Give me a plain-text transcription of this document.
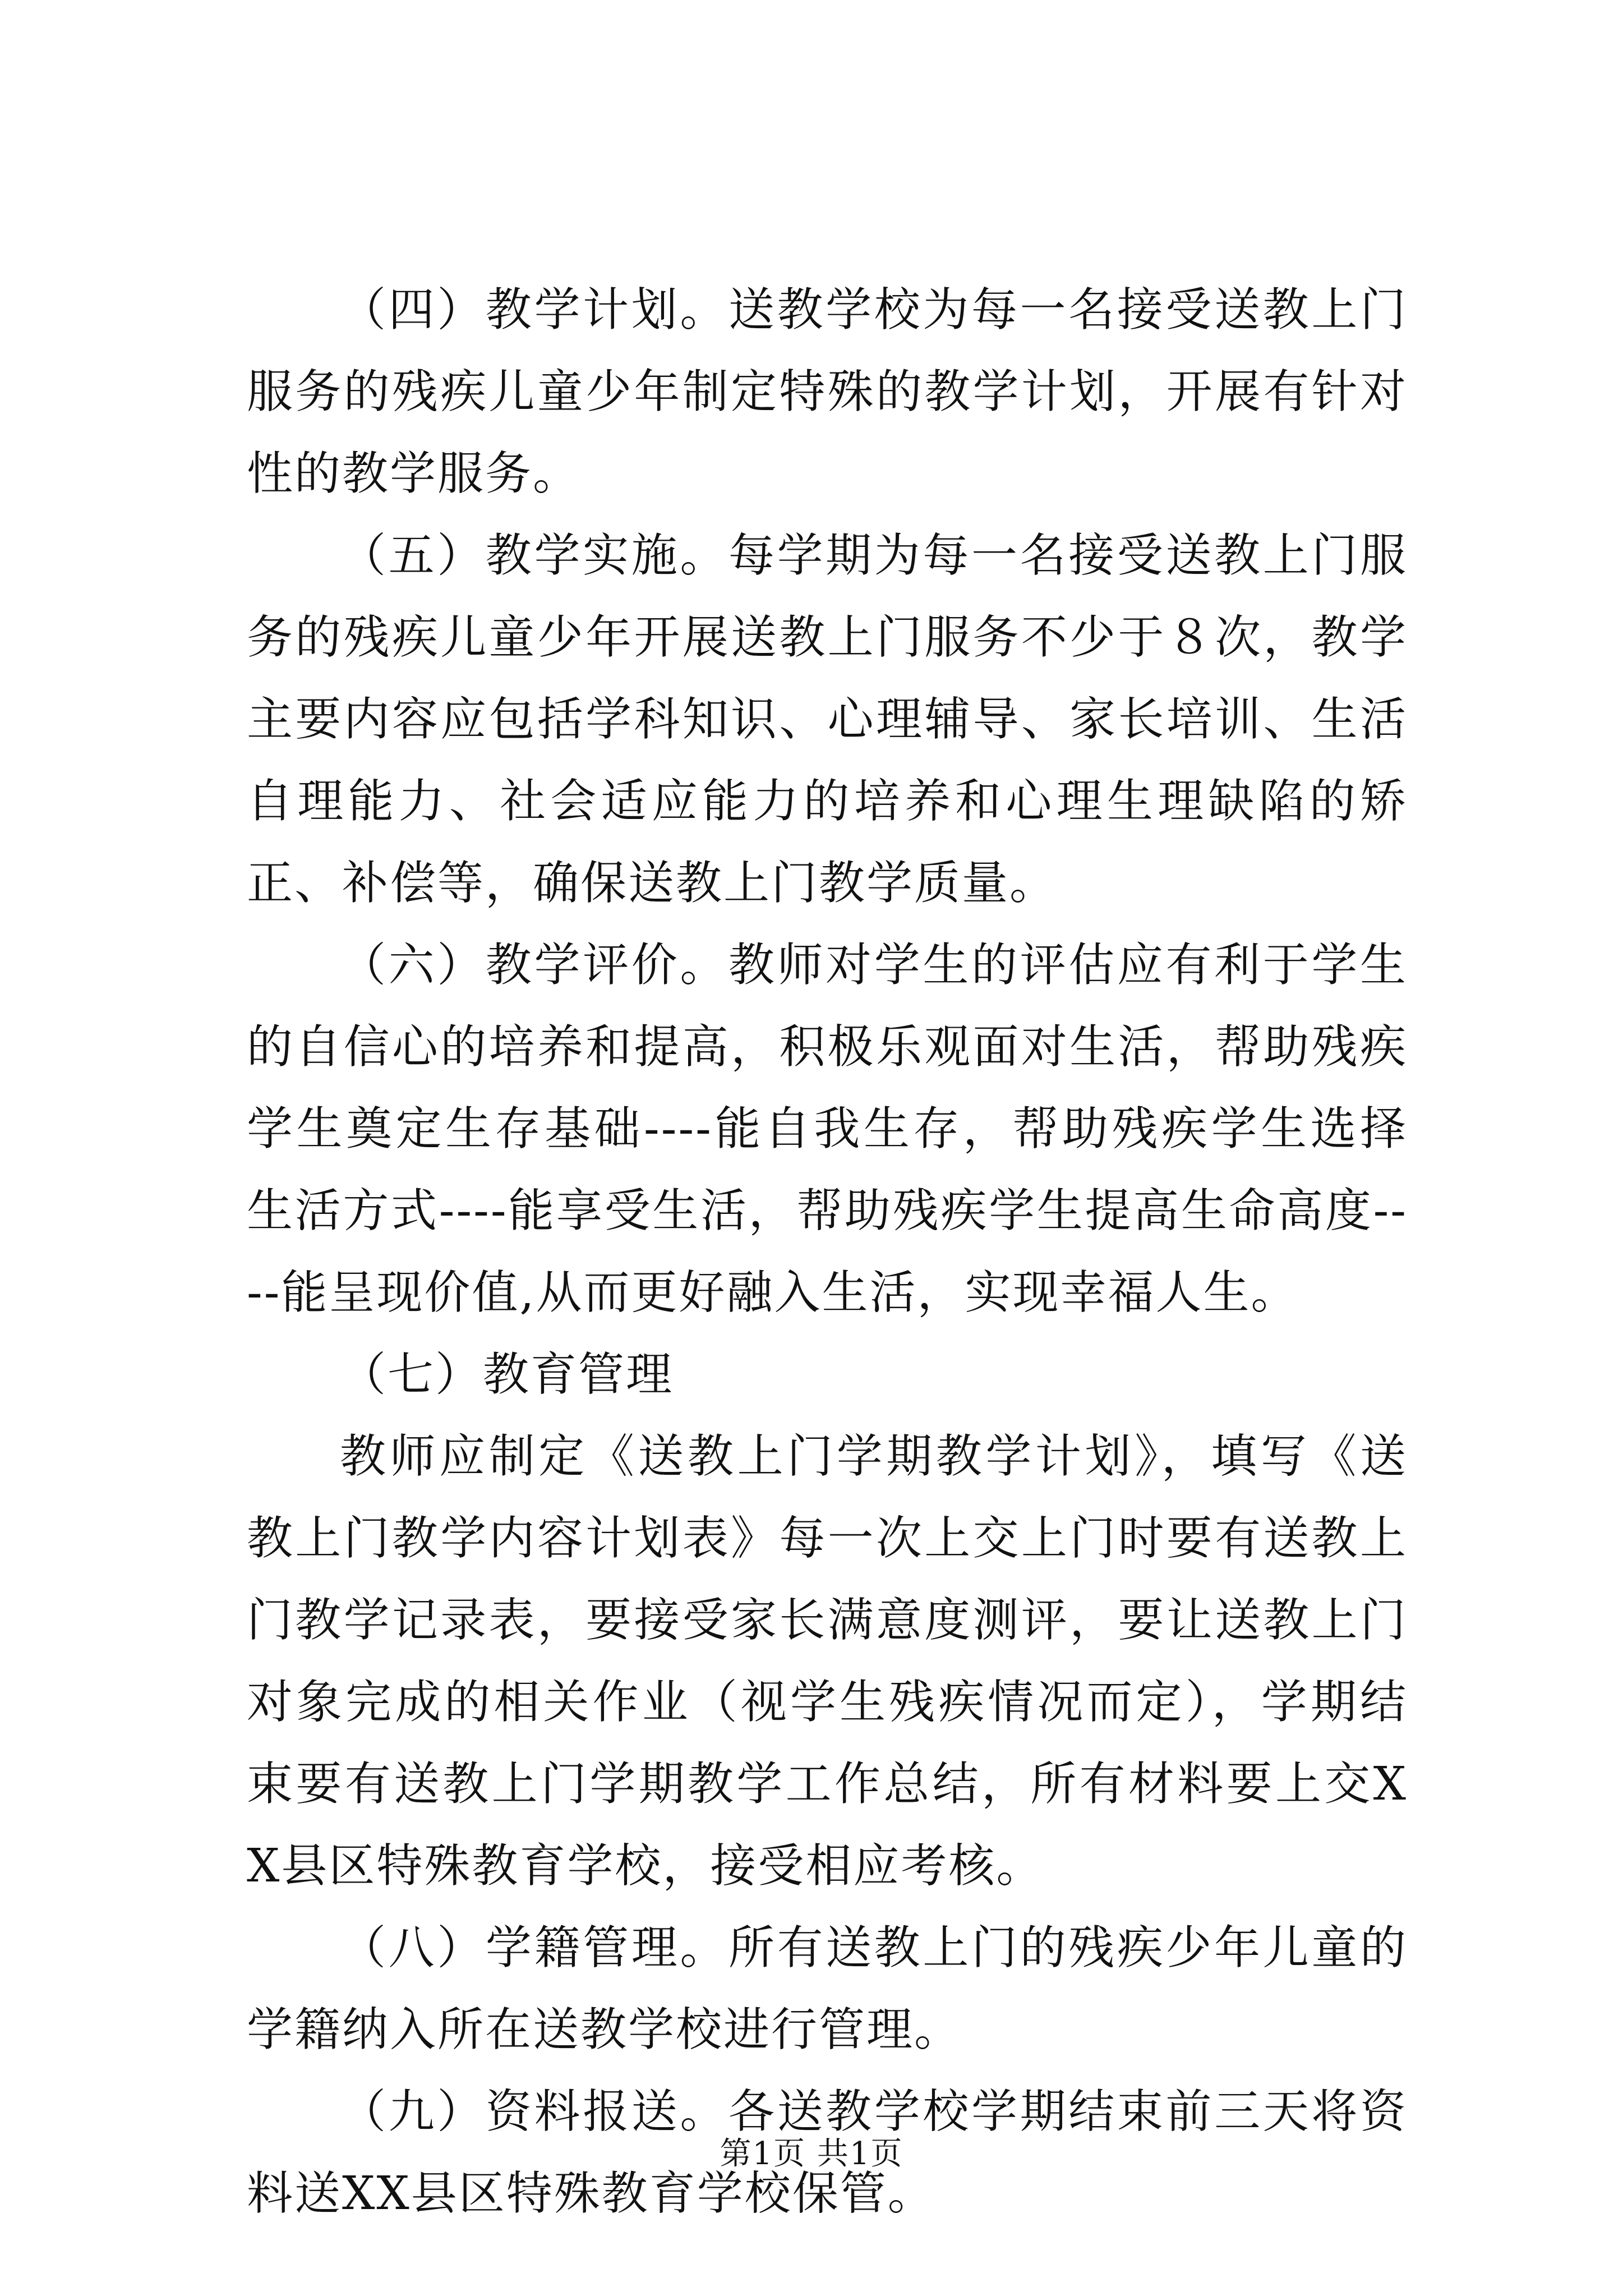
（四）教学计划。送教学校为每一名接受送教上门服务的残疾儿童少年制定特殊的教学计划，开展有针对性的教学服务。

（五）教学实施。每学期为每一名接受送教上门服务的残疾儿童少年开展送教上门服务不少于８次，教学主要内容应包括学科知识、心理辅导、家长培训、生活自理能力、社会适应能力的培养和心理生理缺陷的矫正、补偿等，确保送教上门教学质量。

（六）教学评价。教师对学生的评估应有利于学生的自信心的培养和提高，积极乐观面对生活，帮助残疾学生奠定生存基础----能自我生存，帮助残疾学生选择生活方式----能享受生活，帮助残疾学生提高生命高度----能呈现价值,从而更好融入生活，实现幸福人生。

（七）教育管理

教师应制定《送教上门学期教学计划》，填写《送教上门教学内容计划表》每一次上交上门时要有送教上门教学记录表，要接受家长满意度测评，要让送教上门对象完成的相关作业（视学生残疾情况而定），学期结束要有送教上门学期教学工作总结，所有材料要上交XX县区特殊教育学校，接受相应考核。

（八）学籍管理。所有送教上门的残疾少年儿童的学籍纳入所在送教学校进行管理。

（九）资料报送。各送教学校学期结束前三天将资料送XX县区特殊教育学校保管。

第1页 共1页
